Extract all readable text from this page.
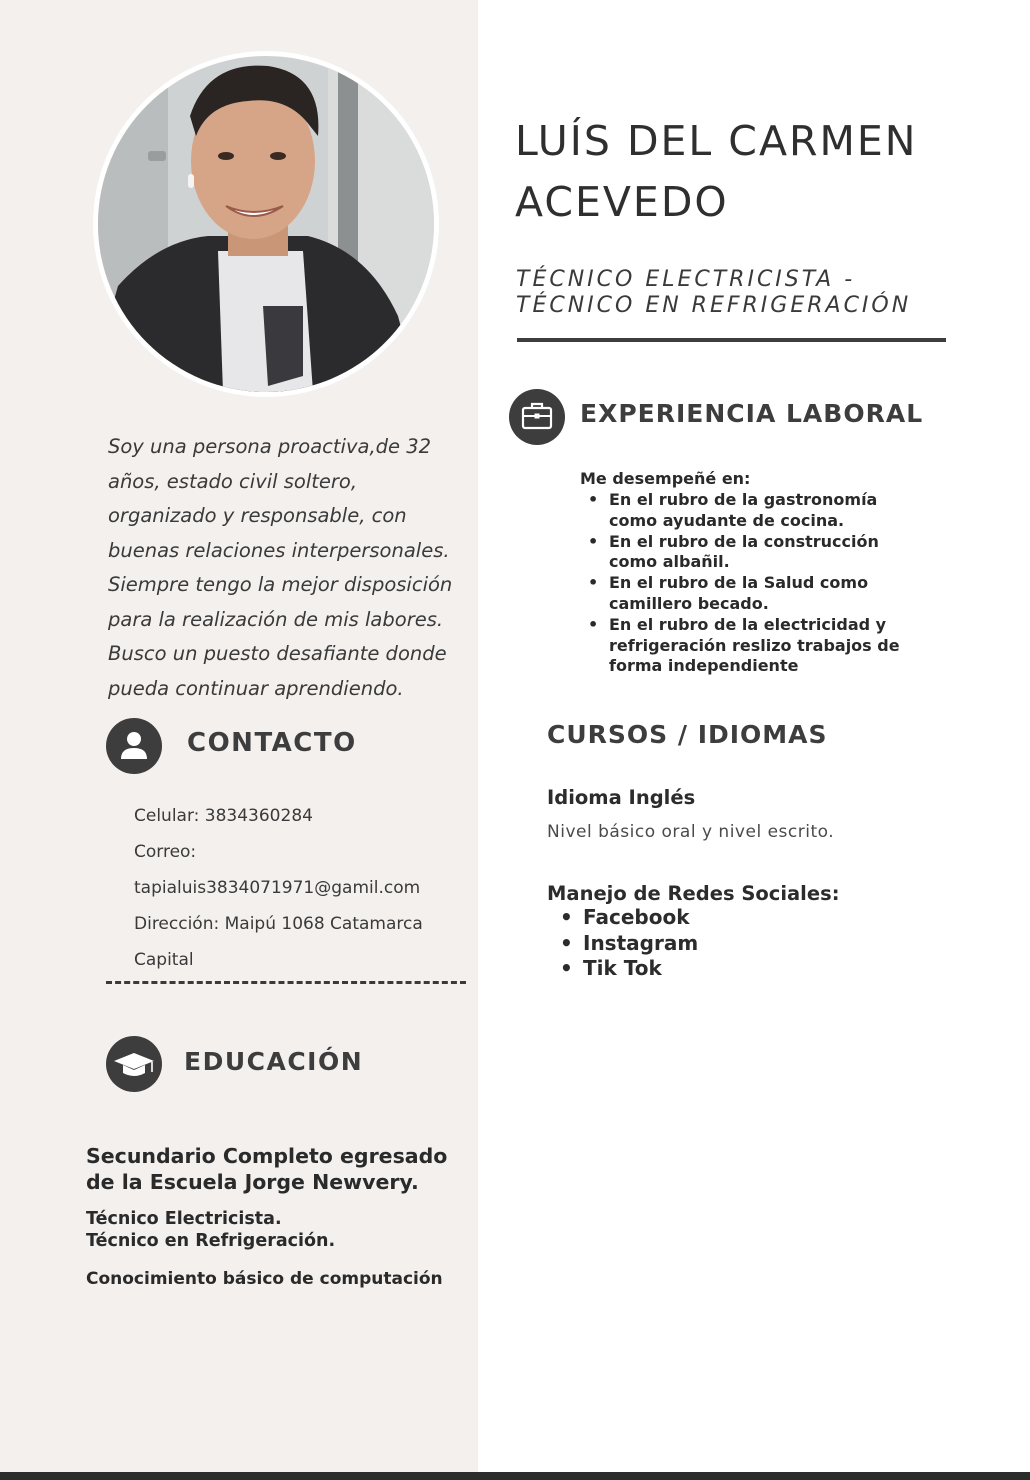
Soy una persona proactiva,de 32
años, estado civil soltero,
organizado y responsable, con
buenas relaciones interpersonales.
Siempre tengo la mejor disposición
para la realización de mis labores.
Busco un puesto desafiante donde
pueda continuar aprendiendo.
CONTACTO
Celular: 3834360284
Correo:
tapialuis3834071971@gamil.com
Dirección: Maipú 1068 Catamarca
Capital
EDUCACIÓN
Secundario Completo egresado
de la Escuela Jorge Newvery.
Técnico Electricista.
Técnico en Refrigeración.
Conocimiento básico de computación
LUÍS DEL CARMEN
ACEVEDO
TÉCNICO ELECTRICISTA -
TÉCNICO EN REFRIGERACIÓN
EXPERIENCIA LABORAL
Me desempeñé en:
• En el rubro de la gastronomía
como ayudante de cocina.
• En el rubro de la construcción
como albañil.
• En el rubro de la Salud como
camillero becado.
• En el rubro de la electricidad y
refrigeración reslizo trabajos de
forma independiente
CURSOS / IDIOMAS
Idioma Inglés
Nivel básico oral y nivel escrito.
Manejo de Redes Sociales:
• Facebook
• Instagram
• Tik Tok
